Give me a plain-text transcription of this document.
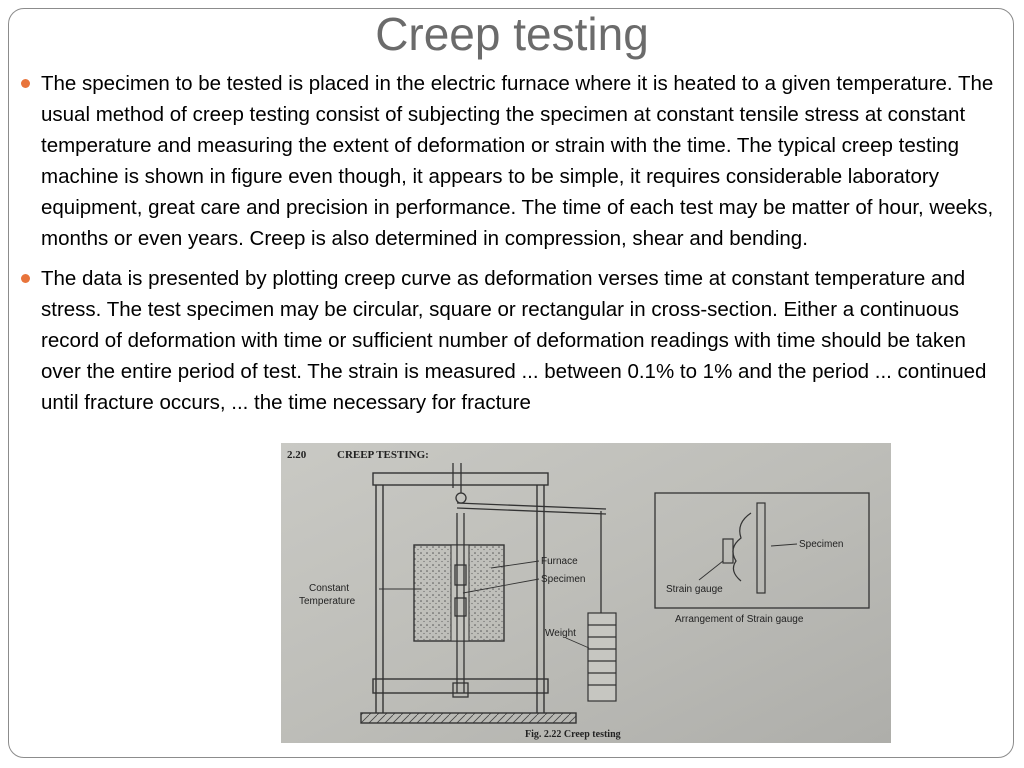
Creep testing
The specimen to be tested is placed in the electric furnace where it is heated to a given temperature. The usual method of creep testing consist of subjecting the specimen at constant tensile stress at constant temperature and measuring the extent of deformation or strain with the time. The typical creep testing machine is shown in figure even though, it appears to be simple, it requires considerable laboratory equipment, great care and precision in performance. The time of each test may be matter of hour, weeks, months or even years. Creep is also determined in compression, shear and bending.
The data is presented by plotting creep curve as deformation verses time at constant temperature and stress. The test specimen may be circular, square or rectangular in cross-section. Either a continuous record of deformation with time or sufficient number of deformation readings with time should be taken over the entire period of test. The strain is measured ... between 0.1% to 1% and the period ... continued until fracture occurs, ... the time necessary for fracture
2.20	CREEP TESTING:
Furnace
Specimen
Constant
Temperature
Weight
Specimen
Strain gauge
Arrangement of Strain gauge
Fig. 2.22 Creep testing
